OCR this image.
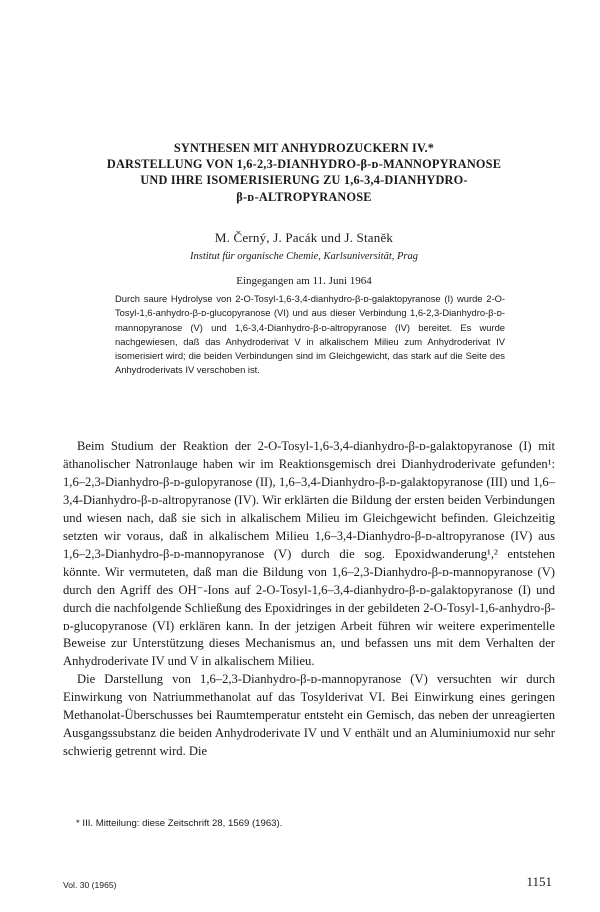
SYNTHESEN MIT ANHYDROZUCKERN IV.*
DARSTELLUNG VON 1,6-2,3-DIANHYDRO-β-ᴅ-MANNOPYRANOSE
UND IHRE ISOMERISIERUNG ZU 1,6-3,4-DIANHYDRO-
β-ᴅ-ALTROPYRANOSE
M. Černý, J. Pacák und J. Staněk
Institut für organische Chemie, Karlsuniversität, Prag
Eingegangen am 11. Juni 1964

Durch saure Hydrolyse von 2-O-Tosyl-1,6-3,4-dianhydro-β-ᴅ-galaktopyranose (I) wurde 2-O-Tosyl-1,6-anhydro-β-ᴅ-glucopyranose (VI) und aus dieser Verbindung 1,6-2,3-Dianhydro-β-ᴅ-mannopyranose (V) und 1,6-3,4-Dianhydro-β-ᴅ-altropyranose (IV) bereitet. Es wurde nachgewiesen, daß das Anhydroderivat V in alkalischem Milieu zum Anhydroderivat IV isomerisiert wird; die beiden Verbindungen sind im Gleichgewicht, das stark auf die Seite des Anhydroderivats IV verschoben ist.

Beim Studium der Reaktion der 2-O-Tosyl-1,6-3,4-dianhydro-β-ᴅ-galaktopyranose (I) mit äthanolischer Natronlauge haben wir im Reaktionsgemisch drei Dianhydroderivate gefunden¹: 1,6–2,3-Dianhydro-β-ᴅ-gulopyranose (II), 1,6–3,4-Dianhydro-β-ᴅ-galaktopyranose (III) und 1,6–3,4-Dianhydro-β-ᴅ-altropyranose (IV). Wir erklärten die Bildung der ersten beiden Verbindungen und wiesen nach, daß sie sich in alkalischem Milieu im Gleichgewicht befinden. Gleichzeitig setzten wir voraus, daß in alkalischem Milieu 1,6–3,4-Dianhydro-β-ᴅ-altropyranose (IV) aus 1,6–2,3-Dianhydro-β-ᴅ-mannopyranose (V) durch die sog. Epoxidwanderung¹,² entstehen könnte. Wir vermuteten, daß man die Bildung von 1,6–2,3-Dianhydro-β-ᴅ-mannopyranose (V) durch den Agriff des OH⁻-Ions auf 2-O-Tosyl-1,6–3,4-dianhydro-β-ᴅ-galaktopyranose (I) und durch die nachfolgende Schließung des Epoxidringes in der gebildeten 2-O-Tosyl-1,6-anhydro-β-ᴅ-glucopyranose (VI) erklären kann. In der jetzigen Arbeit führen wir weitere experimentelle Beweise zur Unterstützung dieses Mechanismus an, und befassen uns mit dem Verhalten der Anhydroderivate IV und V in alkalischem Milieu.

Die Darstellung von 1,6–2,3-Dianhydro-β-ᴅ-mannopyranose (V) versuchten wir durch Einwirkung von Natriummethanolat auf das Tosylderivat VI. Bei Einwirkung eines geringen Methanolat-Überschusses bei Raumtemperatur entsteht ein Gemisch, das neben der unreagierten Ausgangssubstanz die beiden Anhydroderivate IV und V enthält und an Aluminiumoxid nur sehr schwierig getrennt wird. Die

* III. Mitteilung: diese Zeitschrift 28, 1569 (1963).
Vol. 30 (1965)	1151
